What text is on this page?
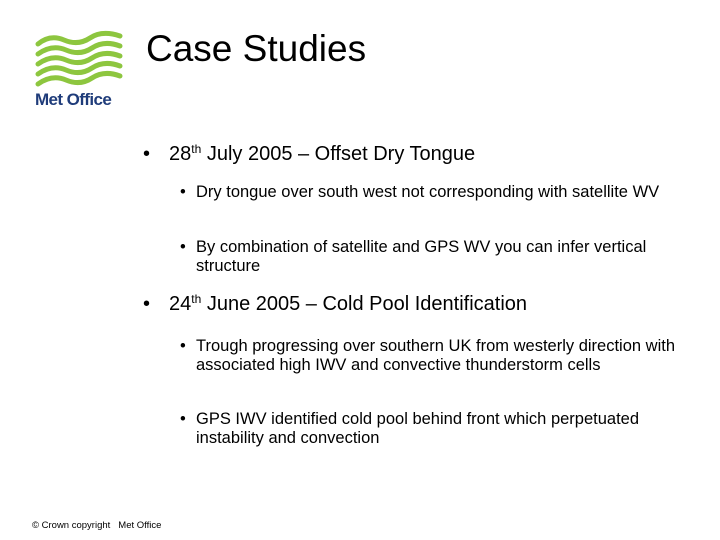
Met Office
Case Studies
• 28th July 2005 – Offset Dry Tongue
• Dry tongue over south west not corresponding with satellite WV
• By combination of satellite and GPS WV you can infer vertical structure
• 24th June 2005 – Cold Pool Identification
• Trough progressing over southern UK from westerly direction with associated high IWV and convective thunderstorm cells
• GPS IWV identified cold pool behind front which perpetuated instability and convection
© Crown copyright Met Office
